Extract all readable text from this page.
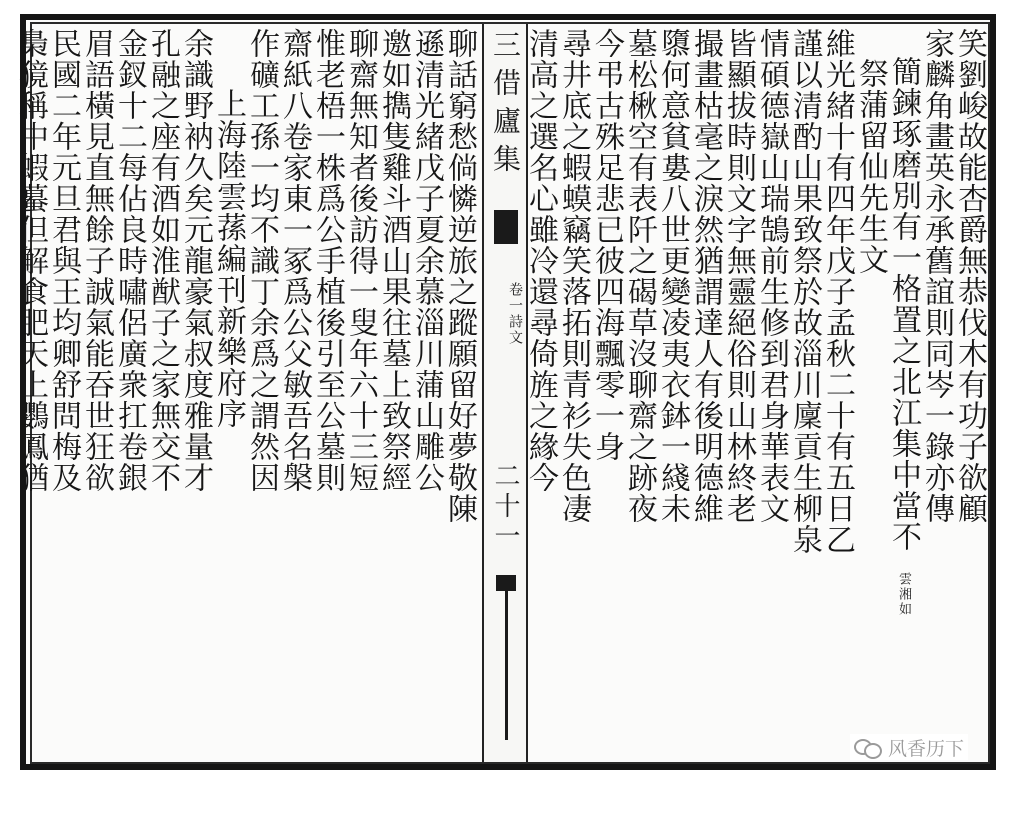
三借廬集
卷一詩文
二十一	笑劉峻故能杏爵無恭伐木有功子欲顧
家麟角畫英永承舊誼則同岑一錄亦傳
簡鍊琢磨別有一格置之北江集中當不
祭蒲留仙先生文
維光緒十有四年戊子孟秋二十有五日乙
謹以清酌山果致祭於故淄川廩貢生柳泉
情碩德嶽山瑞鵠前生修到君身華表文
皆顯拔時則文字無靈絕俗則山林終老
撮畫枯毫之淚然猶謂達人有後明德維
隳何意貧婁八世更變凌夷衣鉢一綫未
墓松楸空有表阡之碣草沒聊齋之跡夜
今弔古殊足悲已彼四海飄零一身
尋井底之蝦蟆竊笑落拓則青衫失色凄
清高之選名心雖冷還尋倚旌之緣今
雲湘如
聊話窮愁倘憐逆旅之蹤願留好夢敬陳
遜清光緒戊子夏余慕淄川蒲山雕公
邀如擕隻雞斗酒山果往墓上致祭經
聊齋無知者後訪得一叟年六十三短
惟老梧一株爲公手植後引至公墓則
齋紙八卷家東一冢爲公父敏吾名槃
作礦工孫一均不識丁余爲之謂然因
上海陸雲蓀編刊新樂府序
余識野衲久矣元龍豪氣叔度雅量才
孔融之座有酒如淮猷子之家無交不
金釵十二每佔良時嘯侶廣衆扛卷銀
眉語橫見直無餘子誠氣能吞世狂欲
民國二年元旦君與王均卿舒問梅及
梟獍稱中蝦蟇但解食肥天上鸚鳳猶
风香历下
